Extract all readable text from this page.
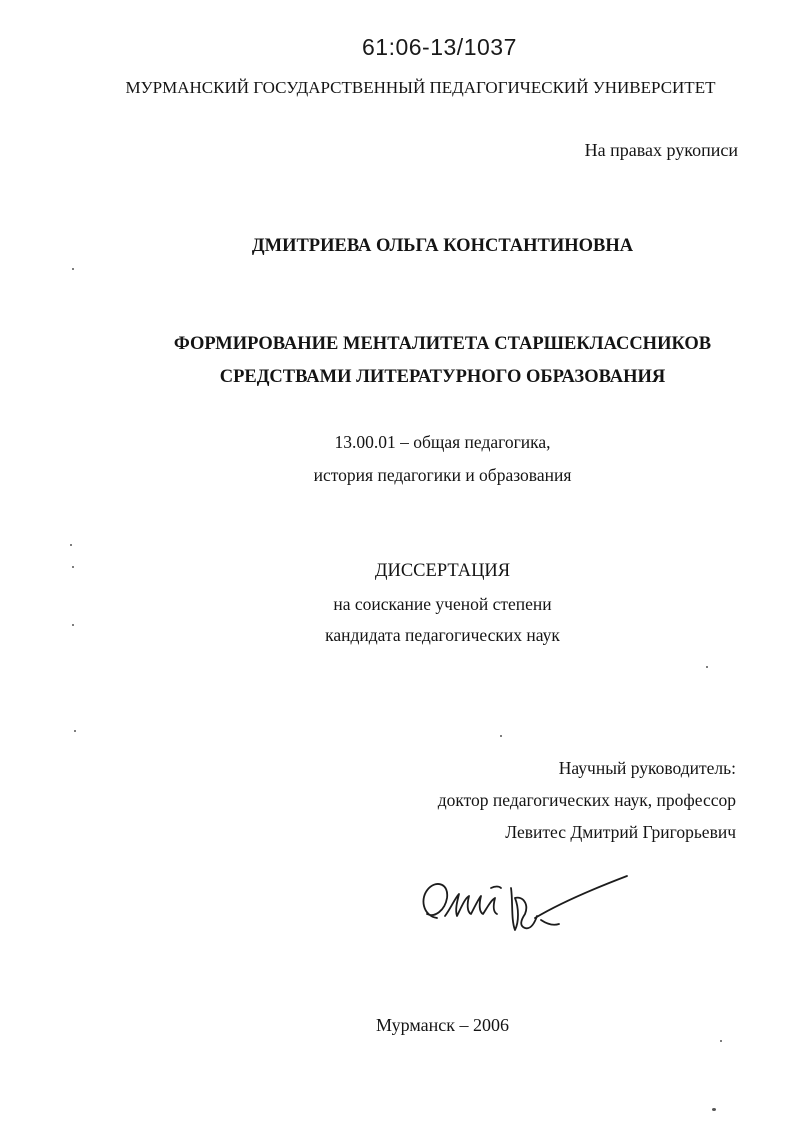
61:06-13/1037
МУРМАНСКИЙ ГОСУДАРСТВЕННЫЙ ПЕДАГОГИЧЕСКИЙ УНИВЕРСИТЕТ
На правах рукописи
ДМИТРИЕВА ОЛЬГА КОНСТАНТИНОВНА
ФОРМИРОВАНИЕ МЕНТАЛИТЕТА СТАРШЕКЛАССНИКОВ
СРЕДСТВАМИ ЛИТЕРАТУРНОГО ОБРАЗОВАНИЯ
13.00.01 – общая педагогика,
история педагогики и образования
ДИССЕРТАЦИЯ
на соискание ученой степени
кандидата педагогических наук
Научный руководитель:
доктор педагогических наук, профессор
Левитес Дмитрий Григорьевич
Мурманск – 2006
